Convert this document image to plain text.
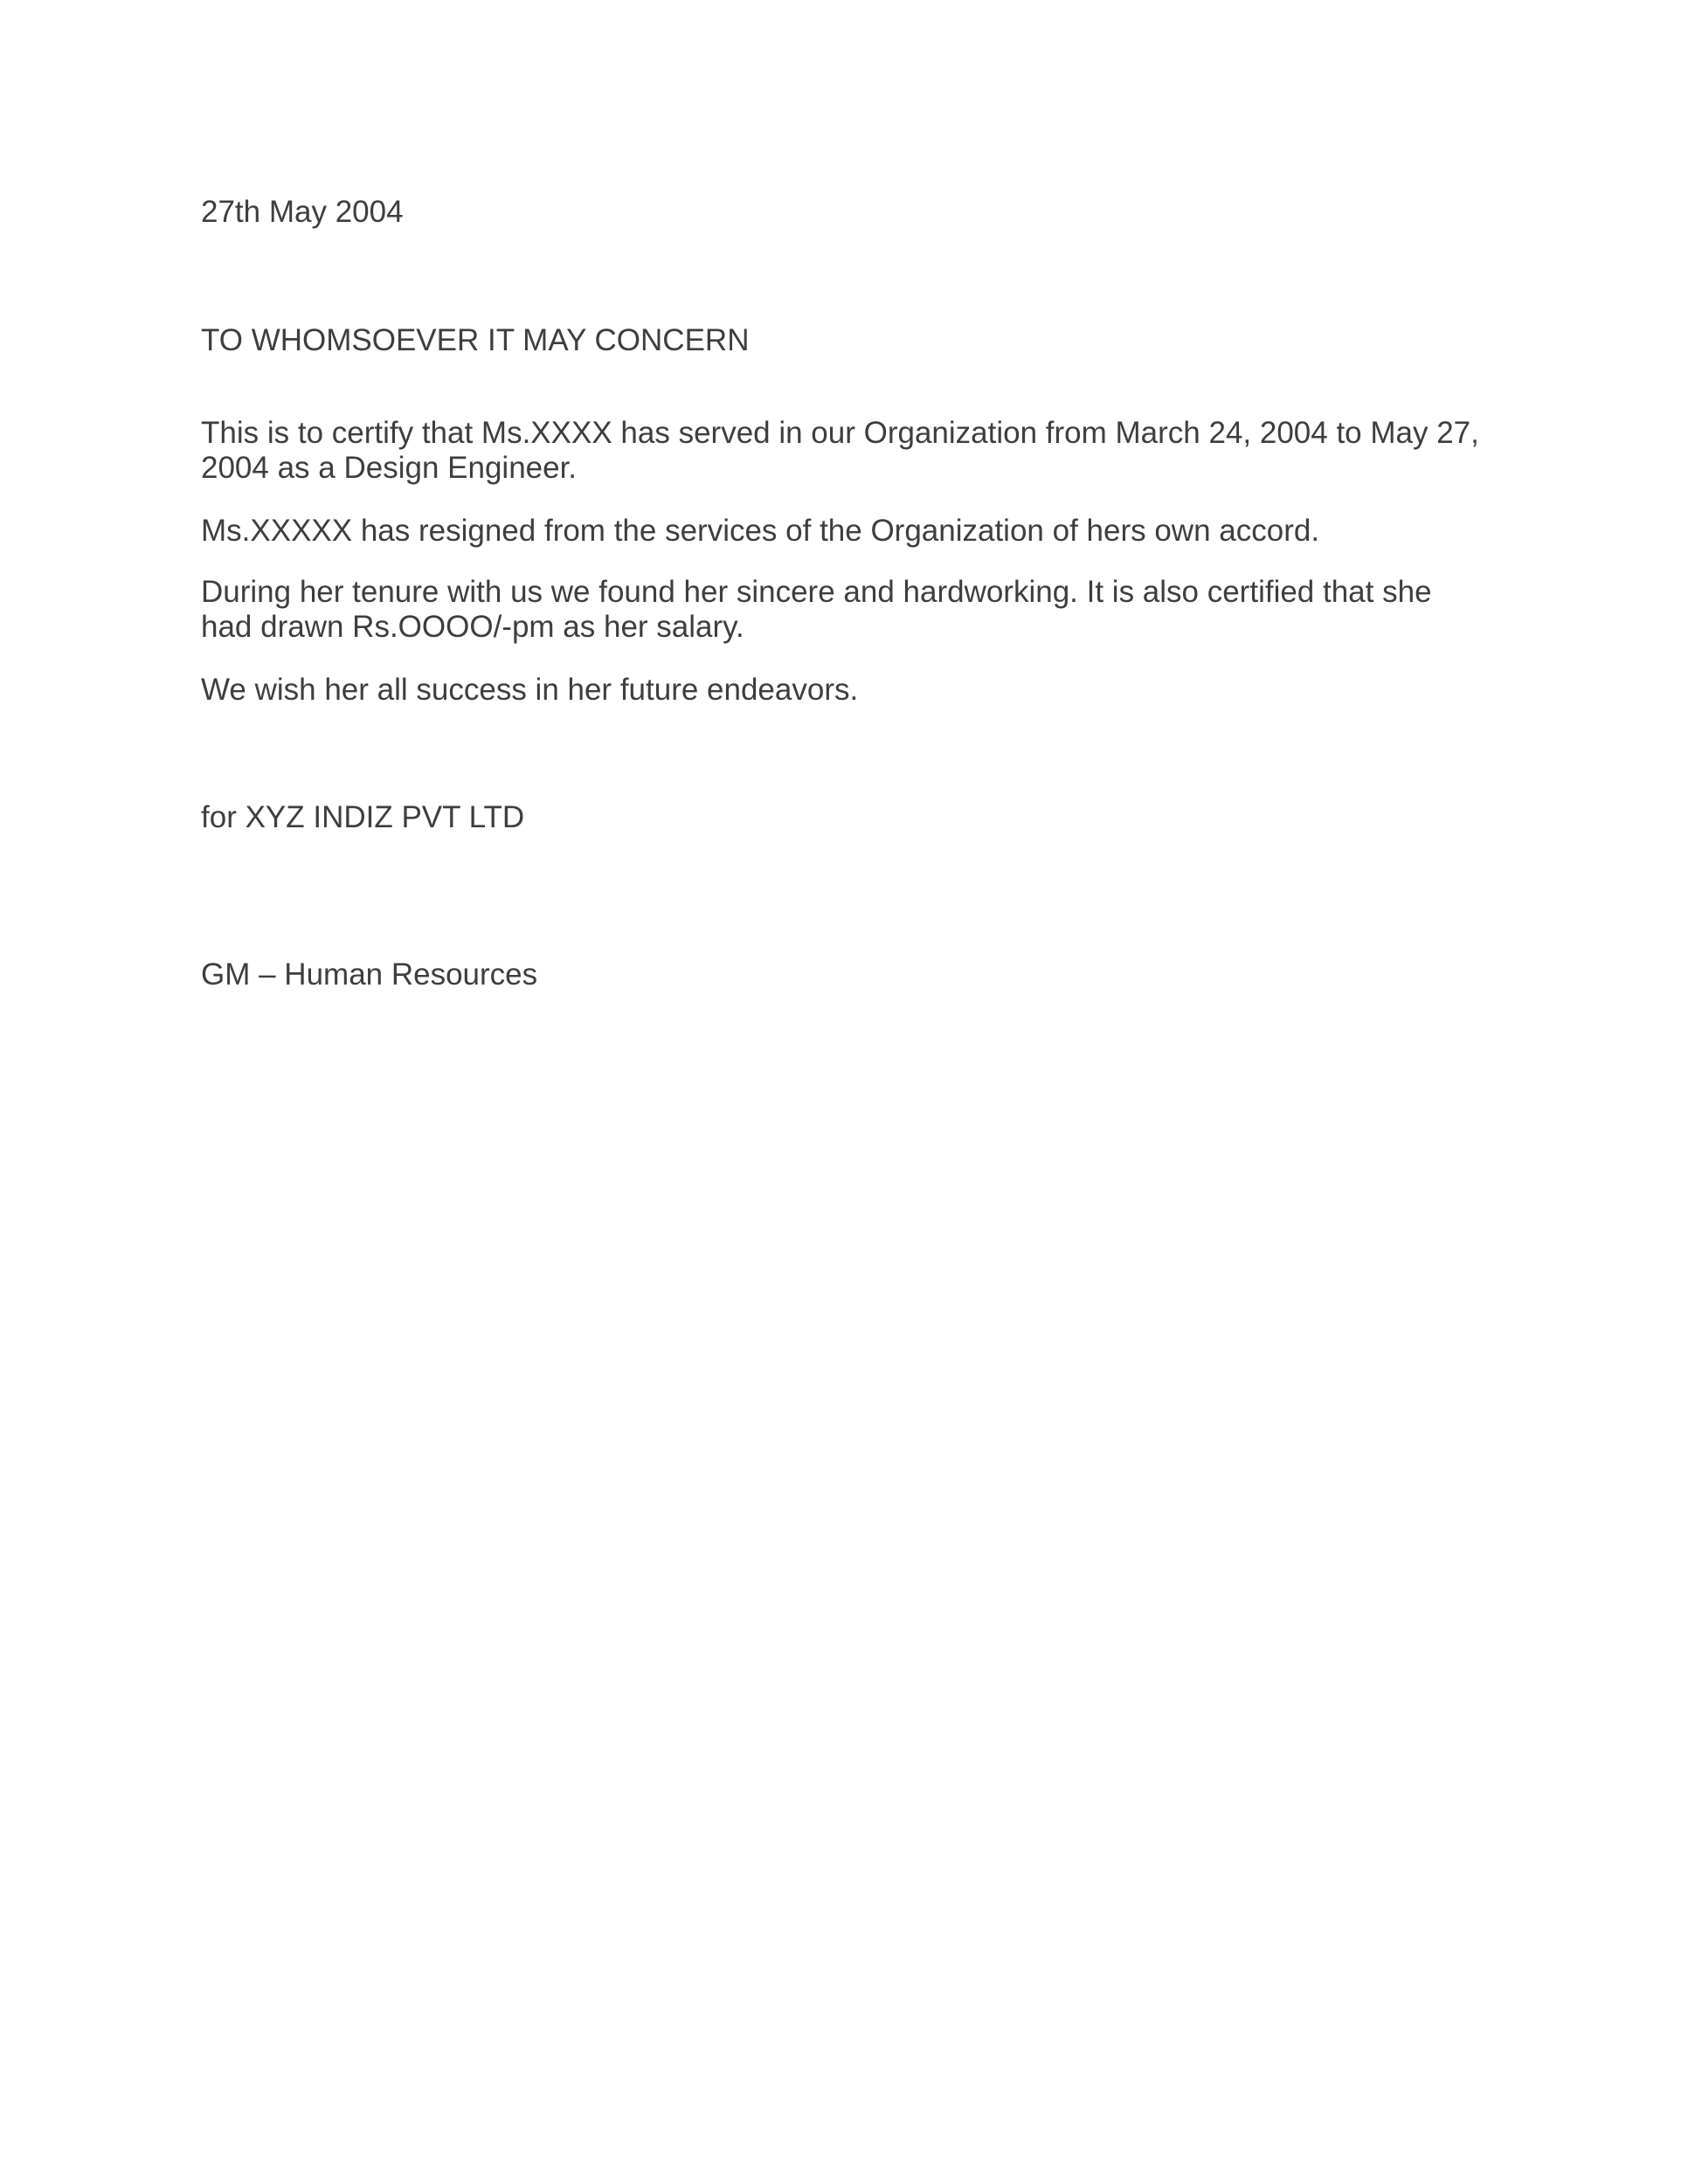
27th May 2004

TO WHOMSOEVER IT MAY CONCERN

This is to certify that Ms.XXXX has served in our Organization from March 24, 2004 to May 27, 2004 as a Design Engineer.

Ms.XXXXX has resigned from the services of the Organization of hers own accord.

During her tenure with us we found her sincere and hardworking. It is also certified that she had drawn Rs.OOOO/-pm as her salary.

We wish her all success in her future endeavors.

for XYZ INDIZ PVT LTD

GM – Human Resources
